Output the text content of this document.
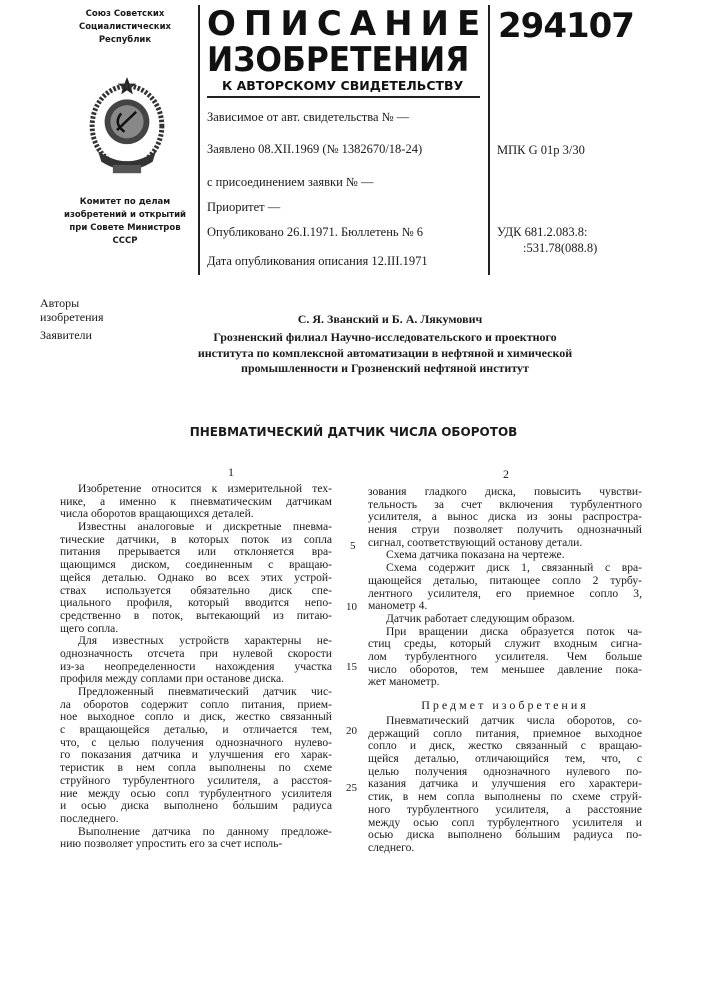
Союз Советских
Социалистических
Республик
Комитет по делам
изобретений и открытий
при Совете Министров
СССР
ОПИСАНИЕ
ИЗОБРЕТЕНИЯ
К АВТОРСКОМУ СВИДЕТЕЛЬСТВУ
294107
Зависимое от авт. свидетельства № —
Заявлено 08.XII.1969 (№ 1382670/18-24)
с присоединением заявки № —
Приоритет —
Опубликовано 26.I.1971. Бюллетень № 6
Дата опубликования описания 12.III.1971
МПК G 01р 3/30
УДК 681.2.083.8:
:531.78(088.8)
Авторы
изобретения
Заявители
С. Я. Званский и Б. А. Лякумович
Грозненский филиал Научно-исследовательского и проектного
института по комплексной автоматизации в нефтяной и химической
промышленности и Грозненский нефтяной институт
ПНЕВМАТИЧЕСКИЙ ДАТЧИК ЧИСЛА ОБОРОТОВ
1	2
Изобретение относится к измерительной тех-
нике, а именно к пневматическим датчикам
числа оборотов вращающихся деталей.
Известны аналоговые и дискретные пневма-
тические датчики, в которых поток из сопла
питания прерывается или отклоняется вра-
щающимся диском, соединенным с вращаю-
щейся деталью. Однако во всех этих устрой-
ствах используется обязательно диск спе-
циального профиля, который вводится непо-
средственно в поток, вытекающий из питаю-
щего сопла.
Для известных устройств характерны не-
однозначность отсчета при нулевой скорости
из-за неопределенности нахождения участка
профиля между соплами при останове диска.
Предложенный пневматический датчик чис-
ла оборотов содержит сопло питания, прием-
ное выходное сопло и диск, жестко связанный
с вращающейся деталью, и отличается тем,
что, с целью получения однозначного нулево-
го показания датчика и улучшения его харак-
теристик в нем сопла выполнены по схеме
струйного турбулентного усилителя, а расстоя-
ние между осью сопл турбулентного усилителя
и осью диска выполнено бо́льшим радиуса
последнего.
Выполнение датчика по данному предложе-
нию позволяет упростить его за счет исполь-
зования гладкого диска, повысить чувстви-
тельность за счет включения турбулентного
усилителя, а вынос диска из зоны распростра-
нения струи позволяет получить однозначный
сигнал, соответствующий останову детали.
Схема датчика показана на чертеже.
Схема содержит диск 1, связанный с вра-
щающейся деталью, питающее сопло 2 турбу-
лентного усилителя, его приемное сопло 3,
манометр 4.
Датчик работает следующим образом.
При вращении диска образуется поток ча-
стиц среды, который служит входным сигна-
лом турбулентного усилителя. Чем больше
число оборотов, тем меньшее давление пока-
жет манометр.
Предмет изобретения
Пневматический датчик числа оборотов, со-
держащий сопло питания, приемное выходное
сопло и диск, жестко связанный с вращаю-
щейся деталью, отличающийся тем, что, с
целью получения однозначного нулевого по-
казания датчика и улучшения его характери-
стик, в нем сопла выполнены по схеме струй-
ного турбулентного усилителя, а расстояние
между осью сопл турбулентного усилителя и
осью диска выполнено бо́льшим радиуса по-
следнего.
5
10
15
20
25
